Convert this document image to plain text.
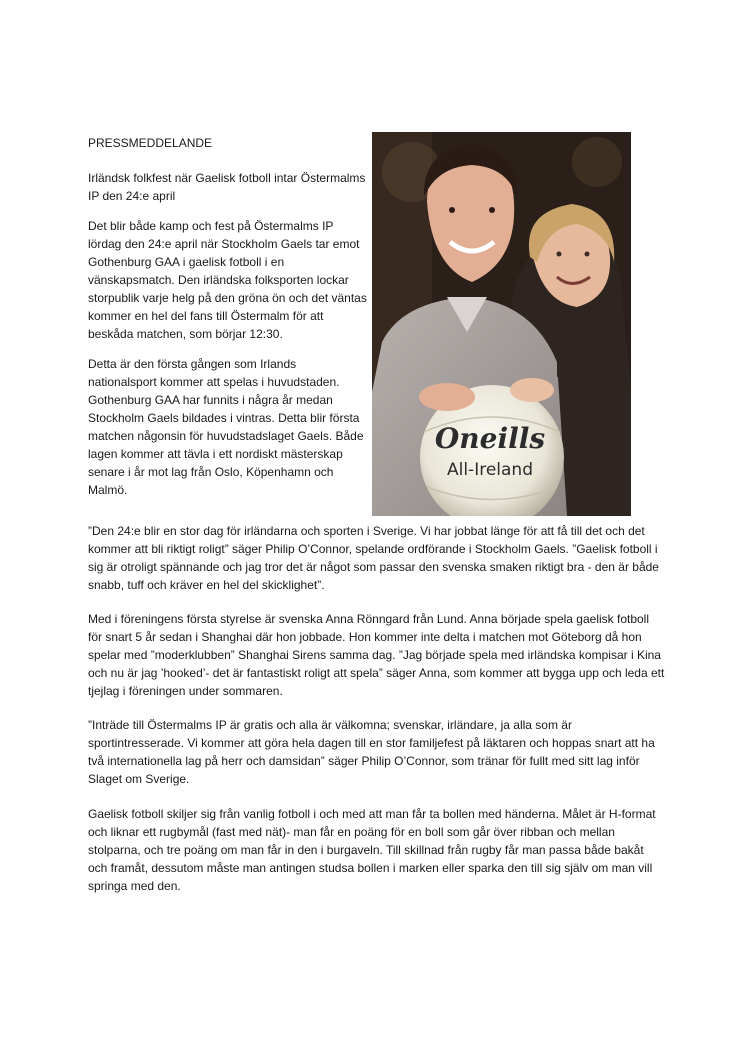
PRESSMEDDELANDE

Irländsk folkfest när Gaelisk fotboll intar Östermalms IP den 24:e april

Det blir både kamp och fest på Östermalms IP lördag den 24:e april när Stockholm Gaels tar emot Gothenburg GAA i gaelisk fotboll i en vänskapsmatch. Den irländska folksporten lockar storpublik varje helg på den gröna ön och det väntas kommer en hel del fans till Östermalm för att beskåda matchen, som börjar 12:30.

Detta är den första gången som Irlands nationalsport kommer att spelas i huvudstaden. Gothenburg GAA har funnits i några år medan Stockholm Gaels bildades i vintras. Detta blir första matchen någonsin för huvudstadslaget Gaels. Både lagen kommer att tävla i ett nordiskt mästerskap senare i år mot lag från Oslo, Köpenhamn och Malmö.

Oneills
All-Ireland

”Den 24:e blir en stor dag för irländarna och sporten i Sverige. Vi har jobbat länge för att få till det och det kommer att bli riktigt roligt” säger Philip O’Connor, spelande ordförande i Stockholm Gaels. ”Gaelisk fotboll i sig är otroligt spännande och jag tror det är något som passar den svenska smaken riktigt bra - den är både snabb, tuff och kräver en hel del skicklighet”.

Med i föreningens första styrelse är svenska Anna Rönngard från Lund. Anna började spela gaelisk fotboll för snart 5 år sedan i Shanghai där hon jobbade. Hon kommer inte delta i matchen mot Göteborg då hon spelar med ”moderklubben” Shanghai Sirens samma dag. ”Jag började spela med irländska kompisar i Kina och nu är jag ’hooked’- det är fantastiskt roligt att spela” säger Anna, som kommer att bygga upp och leda ett tjejlag i föreningen under sommaren.

”Inträde till Östermalms IP är gratis och alla är välkomna; svenskar, irländare, ja alla som är sportintresserade. Vi kommer att göra hela dagen till en stor familjefest på läktaren och hoppas snart att ha två internationella lag på herr och damsidan” säger Philip O’Connor, som tränar för fullt med sitt lag inför Slaget om Sverige.

Gaelisk fotboll skiljer sig från vanlig fotboll i och med att man får ta bollen med händerna. Målet är H-format och liknar ett rugbymål (fast med nät)- man får en poäng för en boll som går över ribban och mellan stolparna, och tre poäng om man får in den i burgaveln. Till skillnad från rugby får man passa både bakåt och framåt, dessutom måste man antingen studsa bollen i marken eller sparka den till sig själv om man vill springa med den.
